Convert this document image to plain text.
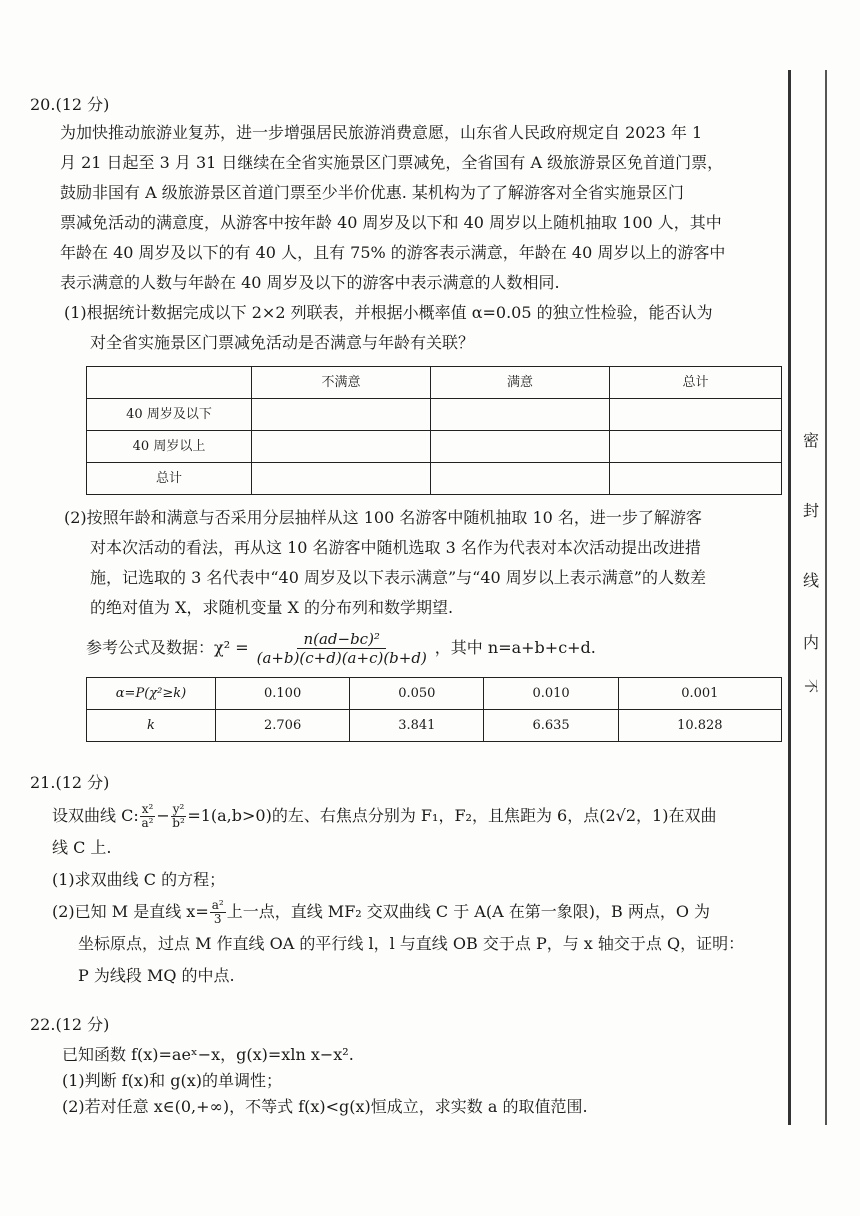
20.(12 分)

为加快推动旅游业复苏，进一步增强居民旅游消费意愿，山东省人民政府规定自 2023 年 1

月 21 日起至 3 月 31 日继续在全省实施景区门票减免，全省国有 A 级旅游景区免首道门票，

鼓励非国有 A 级旅游景区首道门票至少半价优惠. 某机构为了了解游客对全省实施景区门

票减免活动的满意度，从游客中按年龄 40 周岁及以下和 40 周岁以上随机抽取 100 人，其中

年龄在 40 周岁及以下的有 40 人，且有 75% 的游客表示满意，年龄在 40 周岁以上的游客中

表示满意的人数与年龄在 40 周岁及以下的游客中表示满意的人数相同.

(1)根据统计数据完成以下 2×2 列联表，并根据小概率值 α=0.05 的独立性检验，能否认为

对全省实施景区门票减免活动是否满意与年龄有关联？

	不满意	满意	总计
40 周岁及以下			
40 周岁以上			
总计			

(2)按照年龄和满意与否采用分层抽样从这 100 名游客中随机抽取 10 名，进一步了解游客

对本次活动的看法，再从这 10 名游客中随机选取 3 名作为代表对本次活动提出改进措

施，记选取的 3 名代表中“40 周岁及以下表示满意”与“40 周岁以上表示满意”的人数差

的绝对值为 X，求随机变量 X 的分布列和数学期望.

参考公式及数据：$\chi^2 = \frac{\text{n(ad−bc)²}}{(a+b)(c+d)(a+c)(b+d)}$ ，其中 n=a+b+c+d.
α=P(χ²≥k)	0.100	0.050	0.010	0.001
k	2.706	3.841	6.635	10.828

21.(12 分)

设双曲线 C: $\frac{\text{x²}}{\text{a²}} - \frac{\text{y²}}{\text{b²}} =1(a,b>0)$的左、右焦点分别为 F₁，F₂，且焦距为 6，点(2√2，1)在双曲

线 C 上.

(1)求双曲线 C 的方程；

(2)已知 M 是直线 $x= \frac{\text{a²}}{3}$ 上一点，直线 MF₂ 交双曲线 C 于 A(A 在第一象限)，B 两点，O 为

坐标原点，过点 M 作直线 OA 的平行线 l，l 与直线 OB 交于点 P，与 x 轴交于点 Q，证明：

P 为线段 MQ 的中点.

22.(12 分)

已知函数 f(x)=aeˣ−x，g(x)=xln x−x².

(1)判断 f(x)和 g(x)的单调性；

(2)若对任意 x∈(0,+∞)，不等式 f(x)<g(x)恒成立，求实数 a 的取值范围.

密
封
线
内
不
